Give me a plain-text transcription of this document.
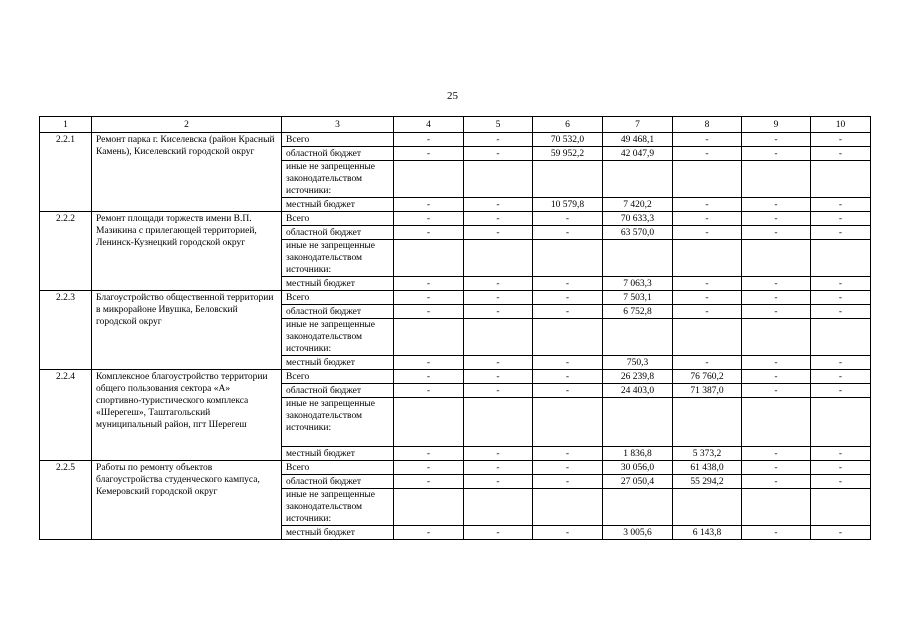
25
1	2	3	4	5	6	7	8	9	10
2.2.1	Ремонт парка г. Киселевска (район Красный Камень), Киселевский городской округ	Всего	-	-	70 532,0	49 468,1	-	-	-
		областной бюджет	-	-	59 952,2	42 047,9	-	-	-
		иные не запрещенные законодательством источники:							
		местный бюджет	-	-	10 579,8	7 420,2	-	-	-
2.2.2	Ремонт площади торжеств имени В.П. Мазикина с прилегающей территорией, Ленинск-Кузнецкий городской округ	Всего	-	-	-	70 633,3	-	-	-
		областной бюджет	-	-	-	63 570,0	-	-	-
		иные не запрещенные законодательством источники:							
		местный бюджет	-	-	-	7 063,3	-	-	-
2.2.3	Благоустройство общественной территории в микрорайоне Ивушка, Беловский городской округ	Всего	-	-	-	7 503,1	-	-	-
		областной бюджет	-	-	-	6 752,8	-	-	-
		иные не запрещенные законодательством источники:							
		местный бюджет	-	-	-	750,3	-	-	-
2.2.4	Комплексное благоустройство территории общего пользования сектора «А» спортивно-туристического комплекса «Шерегеш», Таштагольский муниципальный район, пгт Шерегеш	Всего	-	-	-	26 239,8	76 760,2	-	-
		областной бюджет	-	-	-	24 403,0	71 387,0	-	-
		иные не запрещенные законодательством источники:							
		местный бюджет	-	-	-	1 836,8	5 373,2	-	-
2.2.5	Работы по ремонту объектов благоустройства студенческого кампуса, Кемеровский городской округ	Всего	-	-	-	30 056,0	61 438,0	-	-
		областной бюджет	-	-	-	27 050,4	55 294,2	-	-
		иные не запрещенные законодательством источники:							
		местный бюджет	-	-	-	3 005,6	6 143,8	-	-
